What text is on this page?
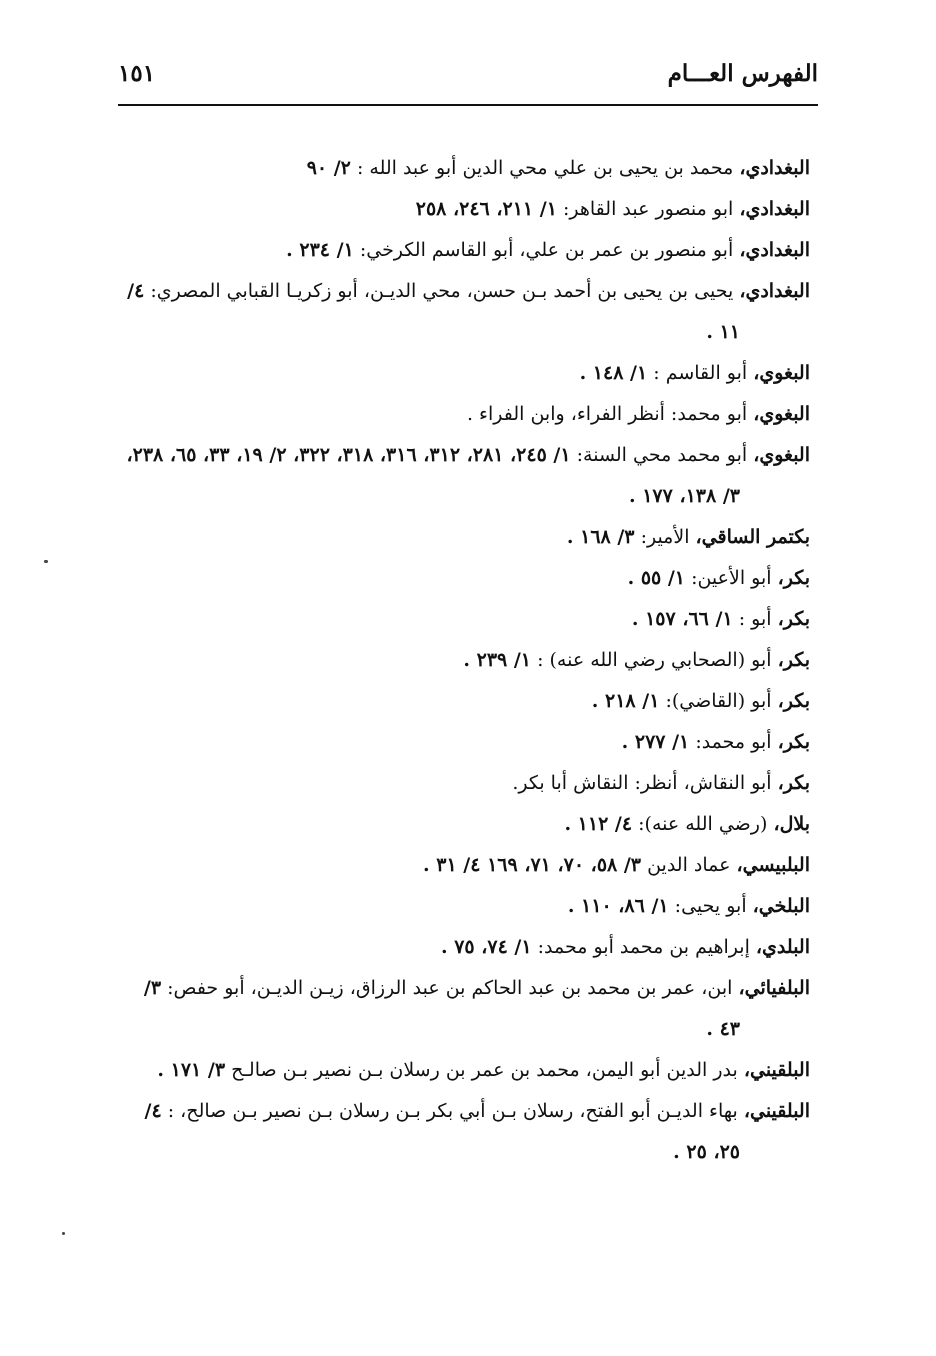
الفهرس العـــام
١٥١

البغدادي، محمد بن يحيى بن علي محي الدين أبو عبد الله : ٢/ ٩٠

البغدادي، ابو منصور عبد القاهر: ١/ ٢١١، ٢٤٦، ٢٥٨

البغدادي، أبو منصور بن عمر بن علي، أبو القاسم الكرخي: ١/ ٢٣٤ .

البغدادي، يحيى بن يحيى بن أحمد بـن حسن، محي الديـن، أبو زكريـا القبابي المصري: ٤/ ١١ .

البغوي، أبو القاسم : ١/ ١٤٨ .

البغوي، أبو محمد: أنظر الفراء، وابن الفراء .

البغوي، أبو محمد محي السنة: ١/ ٢٤٥، ٢٨١، ٣١٢، ٣١٦، ٣١٨، ٣٢٢، ٢/ ١٩، ٣٣، ٦٥، ٢٣٨، ٣/ ١٣٨، ١٧٧ .

بكتمر الساقي، الأمير: ٣/ ١٦٨ .

بكر، أبو الأعين: ١/ ٥٥ .

بكر، أبو : ١/ ٦٦، ١٥٧ .

بكر، أبو (الصحابي رضي الله عنه) : ١/ ٢٣٩ .

بكر، أبو (القاضي): ١/ ٢١٨ .

بكر، أبو محمد: ١/ ٢٧٧ .

بكر، أبو النقاش، أنظر: النقاش أبا بكر.

بلال، (رضي الله عنه): ٤/ ١١٢ .

البلبيسي، عماد الدين ٣/ ٥٨، ٧٠، ٧١، ١٦٩ ٤/ ٣١ .

البلخي، أبو يحيى: ١/ ٨٦، ١١٠ .

البلدي، إبراهيم بن محمد أبو محمد: ١/ ٧٤، ٧٥ .

البلفيائي، ابن، عمر بن محمد بن عبد الحاكم بن عبد الرزاق، زيـن الديـن، أبو حفص: ٣/ ٤٣ .

البلقيني، بدر الدين أبو اليمن، محمد بن عمر بن رسلان بـن نصير بـن صالـح ٣/ ١٧١ .

البلقيني، بهاء الديـن أبو الفتح، رسلان بـن أبي بكر بـن رسلان بـن نصير بـن صالح، : ٤/ ٢٥، ٢٥ .
